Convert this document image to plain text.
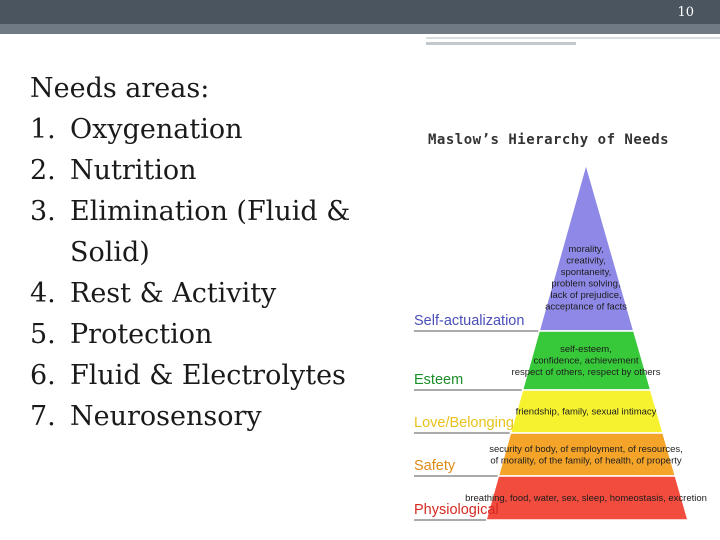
10

Needs areas:

1. Oxygenation
2. Nutrition
3. Elimination (Fluid & Solid)
4. Rest & Activity
5. Protection
6. Fluid & Electrolytes
7. Neurosensory
Maslow’s Hierarchy of Needs
morality,
creativity,
spontaneity,
problem solving,
lack of prejudice,
acceptance of facts
Self-actualization
self-esteem,
confidence, achievement
respect of others, respect by others
Esteem
friendship, family, sexual intimacy
Love/Belonging
security of body, of employment, of resources,
of morality, of the family, of health, of property
Safety
breathing, food, water, sex, sleep, homeostasis, excretion
Physiological
